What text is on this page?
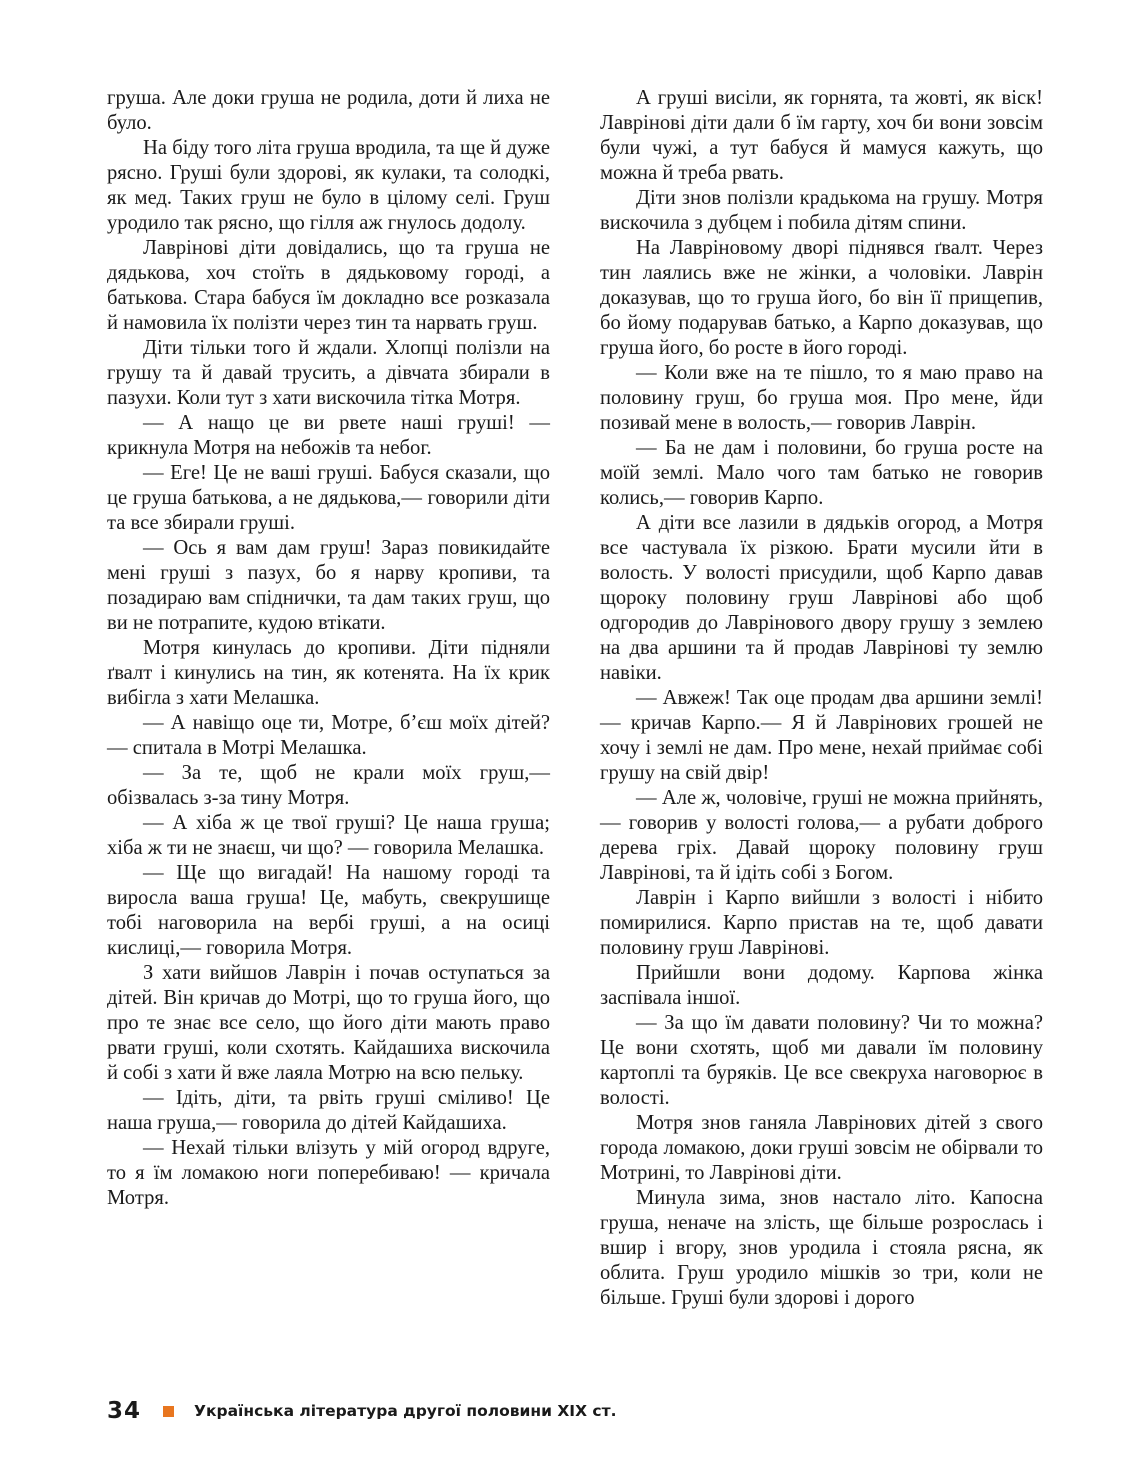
груша. Але доки груша не родила, доти й лиха не було.

На біду того літа груша вродила, та ще й дуже рясно. Груші були здорові, як кулаки, та солодкі, як мед. Таких груш не було в цілому селі. Груш уродило так рясно, що гілля аж гнулось додолу.

Лаврінові діти довідались, що та груша не дядькова, хоч стоїть в дядьковому городі, а батькова. Стара бабуся їм докладно все розказала й намовила їх полізти через тин та нарвать груш.

Діти тільки того й ждали. Хлопці полізли на грушу та й давай трусить, а дівчата збирали в пазухи. Коли тут з хати вискочила тітка Мотря.

— А нащо це ви рвете наші груші! — крикнула Мотря на небожів та небог.

— Еге! Це не ваші груші. Бабуся сказали, що це груша батькова, а не дядькова,— говорили діти та все збирали груші.

— Ось я вам дам груш! Зараз повикидайте мені груші з пазух, бо я нарву кропиви, та позадираю вам спіднички, та дам таких груш, що ви не потрапите, кудою втікати.

Мотря кинулась до кропиви. Діти підняли ґвалт і кинулись на тин, як котенята. На їх крик вибігла з хати Мелашка.

— А навіщо оце ти, Мотре, б’єш моїх дітей? — спитала в Мотрі Мелашка.

— За те, щоб не крали моїх груш,— обізвалась з-за тину Мотря.

— А хіба ж це твої груші? Це наша груша; хіба ж ти не знаєш, чи що? — говорила Мелашка.

— Ще що вигадай! На нашому городі та виросла ваша груша! Це, мабуть, свекрушище тобі наговорила на вербі груші, а на осиці кислиці,— говорила Мотря.

З хати вийшов Лаврін і почав оступаться за дітей. Він кричав до Мотрі, що то груша його, що про те знає все село, що його діти мають право рвати груші, коли схотять. Кайдашиха вискочила й собі з хати й вже лаяла Мотрю на всю пельку.

— Ідіть, діти, та рвіть груші сміливо! Це наша груша,— говорила до дітей Кайдашиха.

— Нехай тільки влізуть у мій огород вдруге, то я їм ломакою ноги поперебиваю! — кричала Мотря.

А груші висіли, як горнята, та жовті, як віск! Лаврінові діти дали б їм гарту, хоч би вони зовсім були чужі, а тут бабуся й мамуся кажуть, що можна й треба рвать.

Діти знов полізли крадькома на грушу. Мотря вискочила з дубцем і побила дітям спини.

На Лавріновому дворі піднявся ґвалт. Через тин лаялись вже не жінки, а чоловіки. Лаврін доказував, що то груша його, бо він її прищепив, бо йому подарував батько, а Карпо доказував, що груша його, бо росте в його городі.

— Коли вже на те пішло, то я маю право на половину груш, бо груша моя. Про мене, йди позивай мене в волость,— говорив Лаврін.

— Ба не дам і половини, бо груша росте на моїй землі. Мало чого там батько не говорив колись,— говорив Карпо.

А діти все лазили в дядьків огород, а Мотря все частувала їх різкою. Брати мусили йти в волость. У волості присудили, щоб Карпо давав щороку половину груш Лаврінові або щоб одгородив до Лаврінового двору грушу з землею на два аршини та й продав Лаврінові ту землю навіки.

— Авжеж! Так оце продам два аршини землі! — кричав Карпо.— Я й Лаврінових грошей не хочу і землі не дам. Про мене, нехай приймає собі грушу на свій двір!

— Але ж, чоловіче, груші не можна прийнять,— говорив у волості голова,— а рубати доброго дерева гріх. Давай щороку половину груш Лаврінові, та й ідіть собі з Богом.

Лаврін і Карпо вийшли з волості і нібито помирилися. Карпо пристав на те, щоб давати половину груш Лаврінові.

Прийшли вони додому. Карпова жінка заспівала іншої.

— За що їм давати половину? Чи то можна? Це вони схотять, щоб ми давали їм половину картоплі та буряків. Це все свекруха наговорює в волості.

Мотря знов ганяла Лаврінових дітей з свого города ломакою, доки груші зовсім не обірвали то Мотрині, то Лаврінові діти.

Минула зима, знов настало літо. Капосна груша, неначе на злість, ще більше розрослась і вшир і вгору, знов уродила і стояла рясна, як облита. Груш уродило мішків зо три, коли не більше. Груші були здорові і дорого

34	Українська література другої половини XIX ст.
